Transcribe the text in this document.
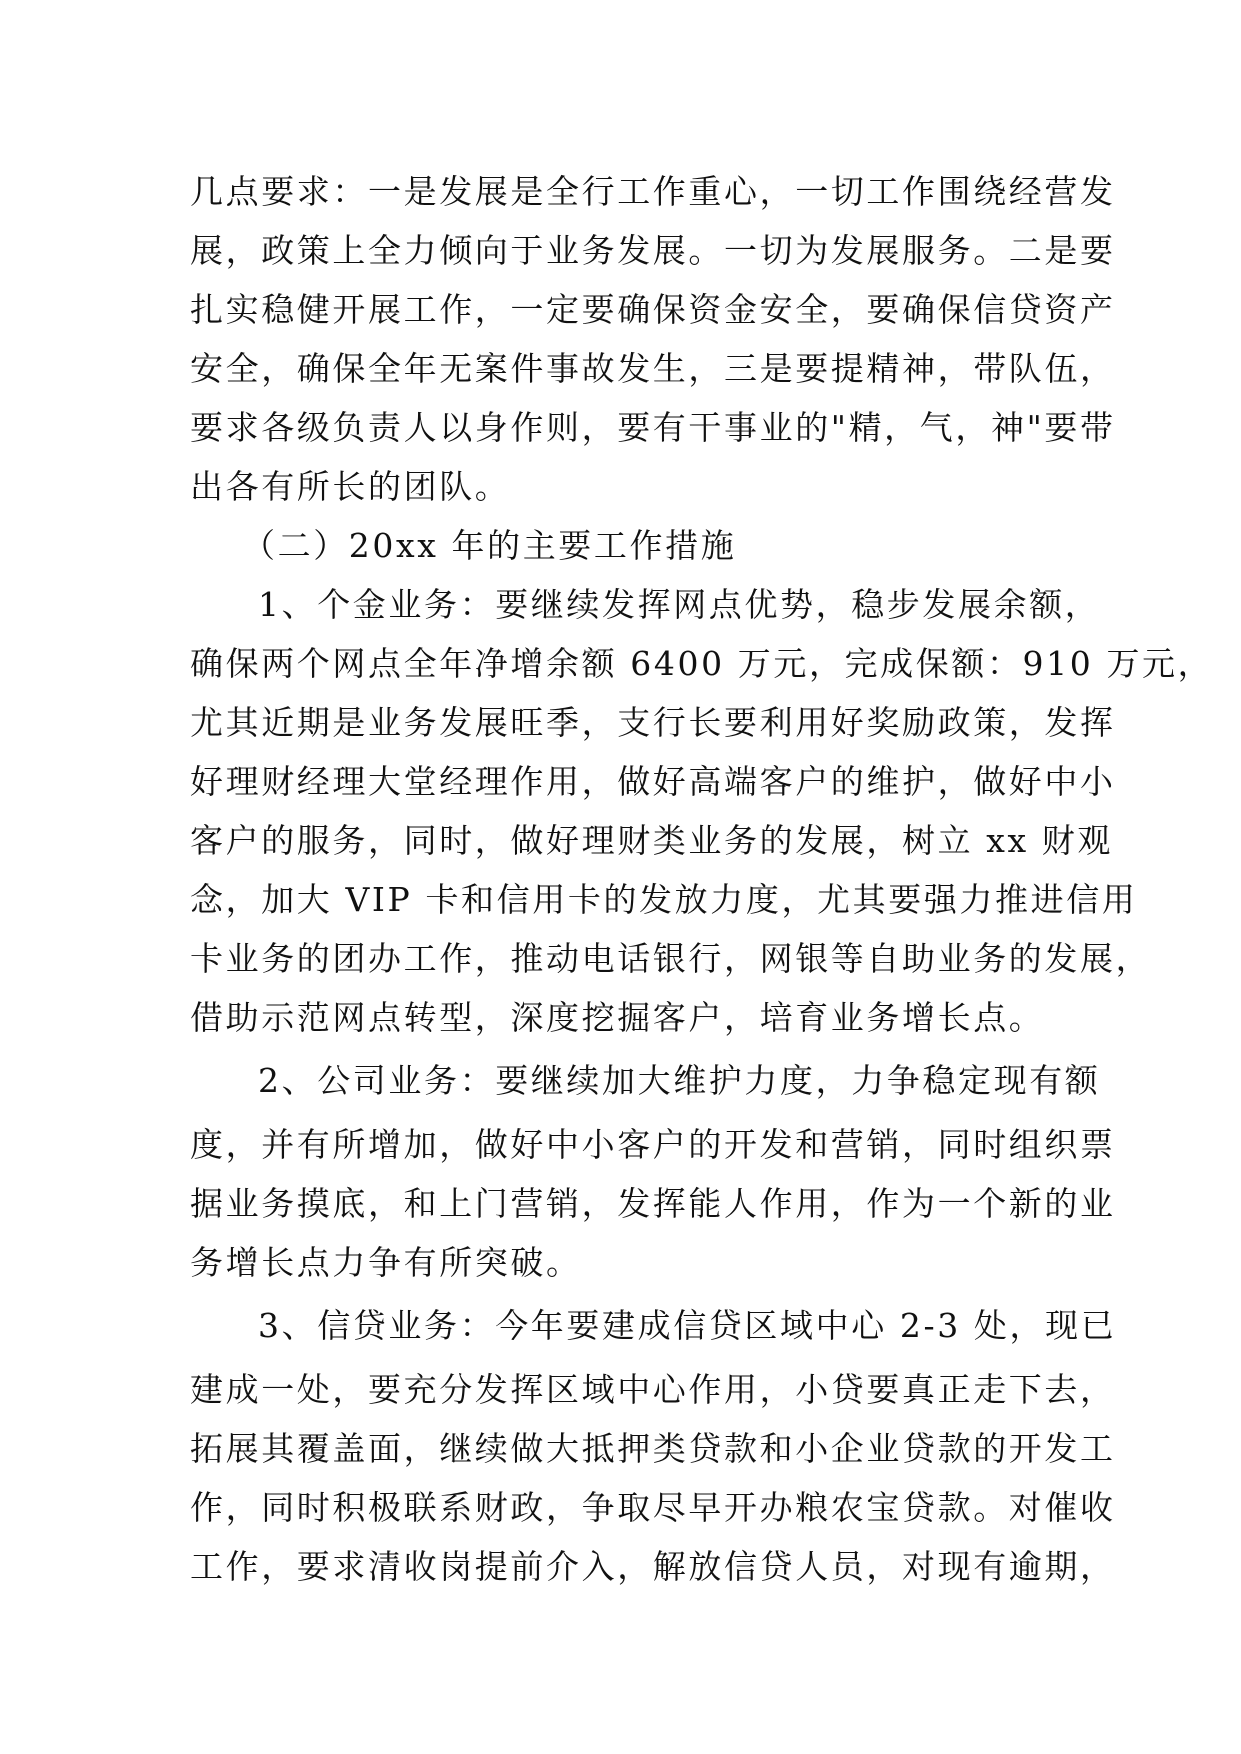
几点要求：一是发展是全行工作重心，一切工作围绕经营发
展，政策上全力倾向于业务发展。一切为发展服务。二是要
扎实稳健开展工作，一定要确保资金安全，要确保信贷资产
安全，确保全年无案件事故发生，三是要提精神，带队伍，
要求各级负责人以身作则，要有干事业的"精，气，神"要带
出各有所长的团队。
（二）20xx 年的主要工作措施
1、个金业务：要继续发挥网点优势，稳步发展余额，
确保两个网点全年净增余额 6400 万元，完成保额：910 万元，
尤其近期是业务发展旺季，支行长要利用好奖励政策，发挥
好理财经理大堂经理作用，做好高端客户的维护，做好中小
客户的服务，同时，做好理财类业务的发展，树立 xx 财观
念，加大 VIP 卡和信用卡的发放力度，尤其要强力推进信用
卡业务的团办工作，推动电话银行，网银等自助业务的发展，
借助示范网点转型，深度挖掘客户，培育业务增长点。
2、公司业务：要继续加大维护力度，力争稳定现有额
度，并有所增加，做好中小客户的开发和营销，同时组织票
据业务摸底，和上门营销，发挥能人作用，作为一个新的业
务增长点力争有所突破。
3、信贷业务：今年要建成信贷区域中心 2-3 处，现已
建成一处，要充分发挥区域中心作用，小贷要真正走下去，
拓展其覆盖面，继续做大抵押类贷款和小企业贷款的开发工
作，同时积极联系财政，争取尽早开办粮农宝贷款。对催收
工作，要求清收岗提前介入，解放信贷人员，对现有逾期，
